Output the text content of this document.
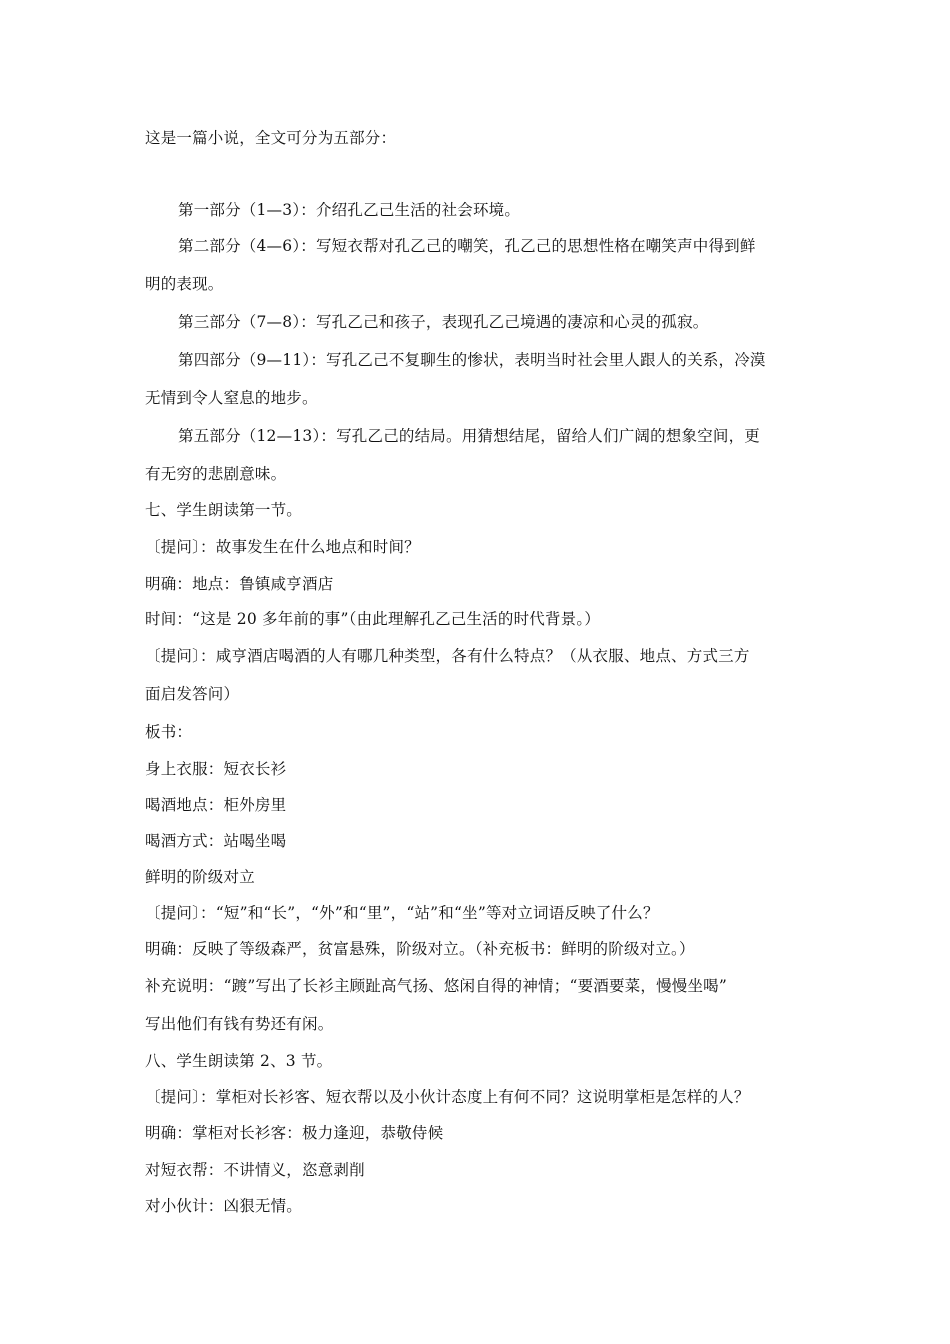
这是一篇小说，全文可分为五部分：
第一部分（1—3）：介绍孔乙己生活的社会环境。
第二部分（4—6）：写短衣帮对孔乙己的嘲笑，孔乙己的思想性格在嘲笑声中得到鲜
明的表现。
第三部分（7—8）：写孔乙己和孩子，表现孔乙己境遇的凄凉和心灵的孤寂。
第四部分（9—11）：写孔乙己不复聊生的惨状，表明当时社会里人跟人的关系，冷漠
无情到令人窒息的地步。
第五部分（12—13）：写孔乙己的结局。用猜想结尾，留给人们广阔的想象空间，更
有无穷的悲剧意味。
七、学生朗读第一节。
〔提问〕：故事发生在什么地点和时间？
明确：地点：鲁镇咸亨酒店
时间：“这是 20 多年前的事”（由此理解孔乙己生活的时代背景。）
〔提问〕：咸亨酒店喝酒的人有哪几种类型，各有什么特点？（从衣服、地点、方式三方
面启发答问）
板书：
身上衣服：短衣长衫
喝酒地点：柜外房里
喝酒方式：站喝坐喝
鲜明的阶级对立
〔提问〕：“短”和“长”，“外”和“里”，“站”和“坐”等对立词语反映了什么？
明确：反映了等级森严，贫富悬殊，阶级对立。（补充板书：鲜明的阶级对立。）
补充说明：“踱”写出了长衫主顾趾高气扬、悠闲自得的神情；“要酒要菜，慢慢坐喝”
写出他们有钱有势还有闲。
八、学生朗读第 2、3 节。
〔提问〕：掌柜对长衫客、短衣帮以及小伙计态度上有何不同？这说明掌柜是怎样的人？
明确：掌柜对长衫客：极力逢迎，恭敬侍候
对短衣帮：不讲情义，恣意剥削
对小伙计：凶狠无情。
